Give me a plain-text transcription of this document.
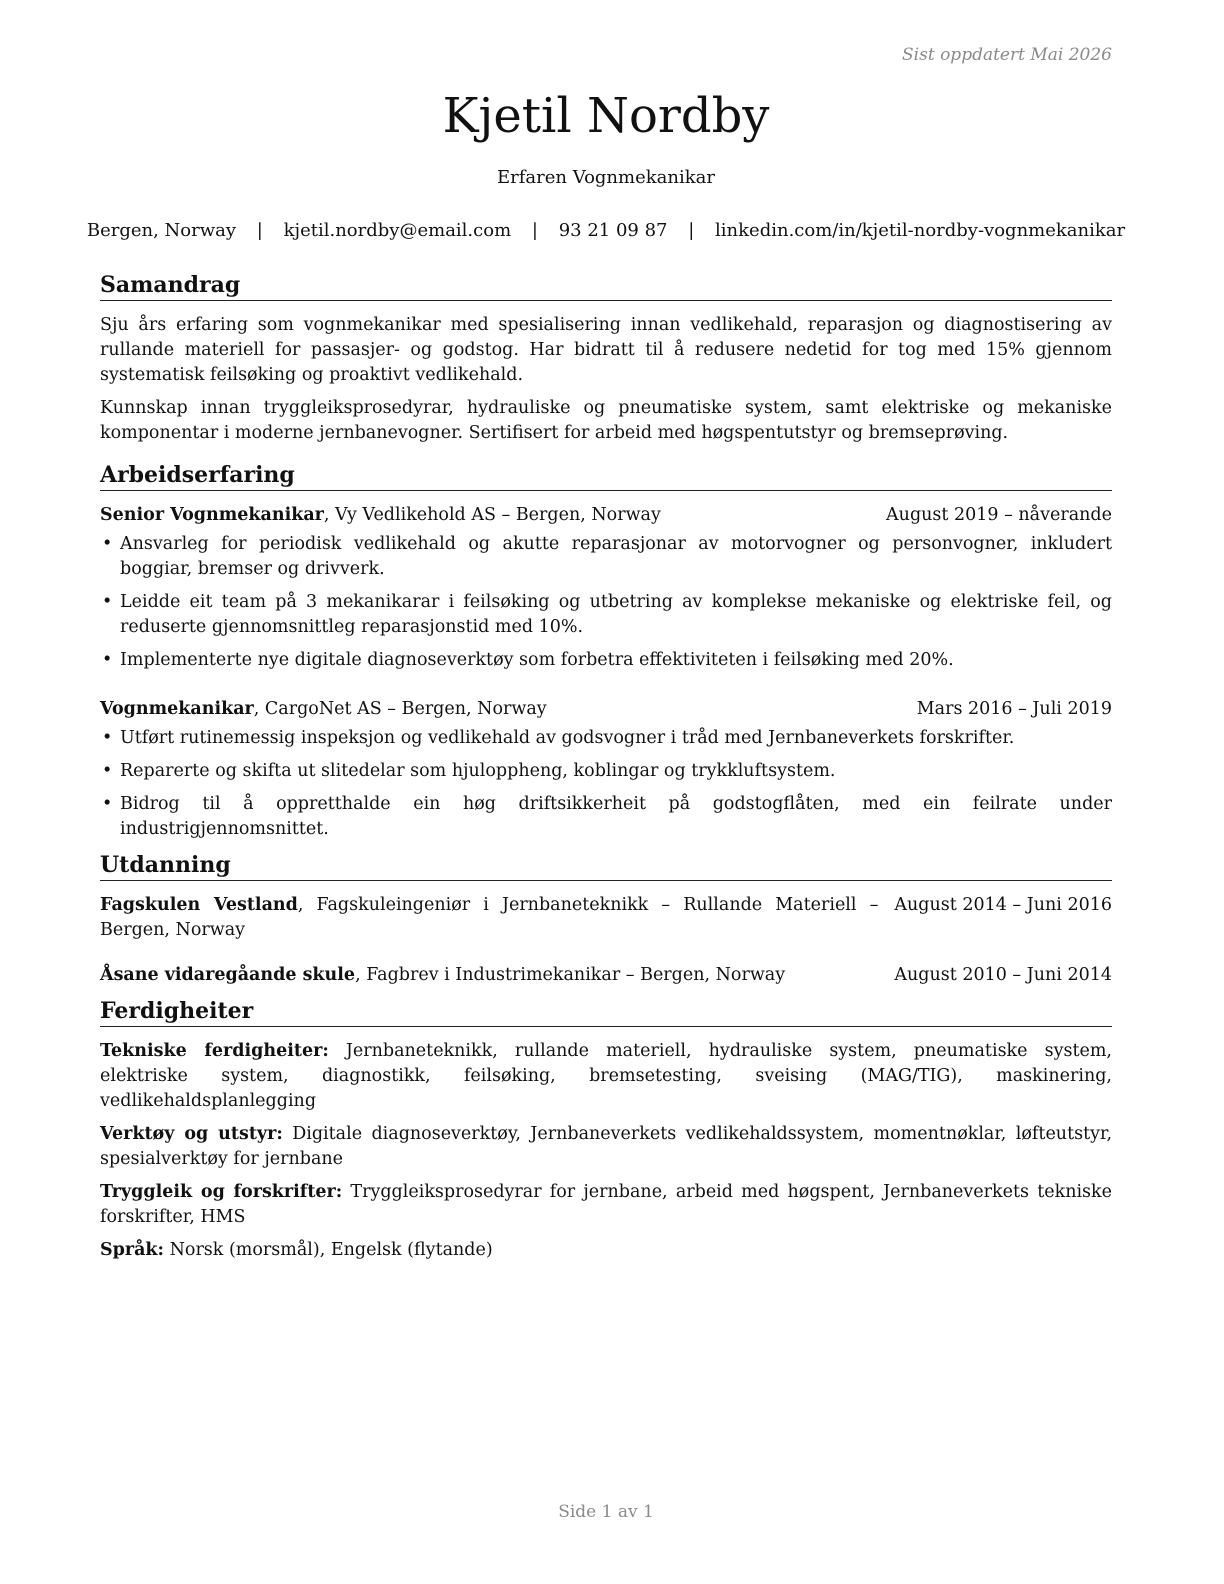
Sist oppdatert Mai 2026
Kjetil Nordby
Erfaren Vognmekanikar
Bergen, Norway | kjetil.nordby@email.com | 93 21 09 87 | linkedin.com/in/kjetil-nordby-vognmekanikar
Samandrag

Sju års erfaring som vognmekanikar med spesialisering innan vedlikehald, reparasjon og diagnostisering av rullande materiell for passasjer- og godstog. Har bidratt til å redusere nedetid for tog med 15% gjennom systematisk feilsøking og proaktivt vedlikehald.

Kunnskap innan tryggleiksprosedyrar, hydrauliske og pneumatiske system, samt elektriske og mekaniske komponentar i moderne jernbanevogner. Sertifisert for arbeid med høgspentutstyr og bremseprøving.

Arbeidserfaring
Senior Vognmekanikar, Vy Vedlikehold AS – Bergen, Norway	August 2019 – nåverande
• Ansvarleg for periodisk vedlikehald og akutte reparasjonar av motorvogner og personvogner, inkludert boggiar, bremser og drivverk.
• Leidde eit team på 3 mekanikarar i feilsøking og utbetring av komplekse mekaniske og elektriske feil, og reduserte gjennomsnittleg reparasjonstid med 10%.
• Implementerte nye digitale diagnoseverktøy som forbetra effektiviteten i feilsøking med 20%.
Vognmekanikar, CargoNet AS – Bergen, Norway	Mars 2016 – Juli 2019
• Utført rutinemessig inspeksjon og vedlikehald av godsvogner i tråd med Jernbaneverkets forskrifter.
• Reparerte og skifta ut slitedelar som hjuloppheng, koblingar og trykkluftsystem.
• Bidrog til å oppretthalde ein høg driftsikkerheit på godstogflåten, med ein feilrate under industrigjennomsnittet.
Utdanning
Fagskulen Vestland, Fagskuleingeniør i Jernbaneteknikk – Rullande Materiell – Bergen, Norway
August 2014 – Juni 2016
Åsane vidaregåande skule, Fagbrev i Industrimekanikar – Bergen, Norway	August 2010 – Juni 2014
Ferdigheiter

Tekniske ferdigheiter: Jernbaneteknikk, rullande materiell, hydrauliske system, pneumatiske system, elektriske system, diagnostikk, feilsøking, bremsetesting, sveising (MAG/TIG), maskinering, vedlikehaldsplanlegging

Verktøy og utstyr: Digitale diagnoseverktøy, Jernbaneverkets vedlikehaldssystem, momentnøklar, løfteutstyr, spesialverktøy for jernbane

Tryggleik og forskrifter: Tryggleiksprosedyrar for jernbane, arbeid med høgspent, Jernbaneverkets tekniske forskrifter, HMS

Språk: Norsk (morsmål), Engelsk (flytande)

Side 1 av 1
